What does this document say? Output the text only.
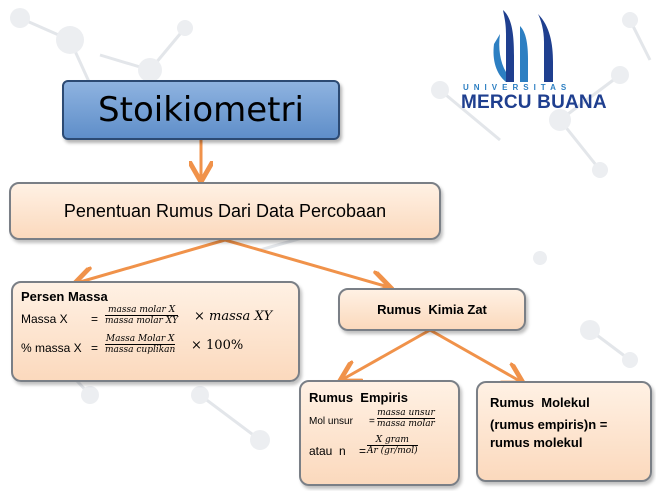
UNIVERSITAS
MERCU BUANA
Stoikiometri
Penentuan Rumus Dari Data Percobaan
Persen Massa
Massa X =
massa molar X
massa molar XY × massa XY
% massa X =
Massa Molar X
massa cuplikan × 100%
Rumus  Kimia Zat
Rumus  Empiris
Mol unsur =
massa unsur
massa molar
atau  n =
X gram
Ar (gr/mol)
Rumus  Molekul
(rumus empiris)n =
rumus molekul
